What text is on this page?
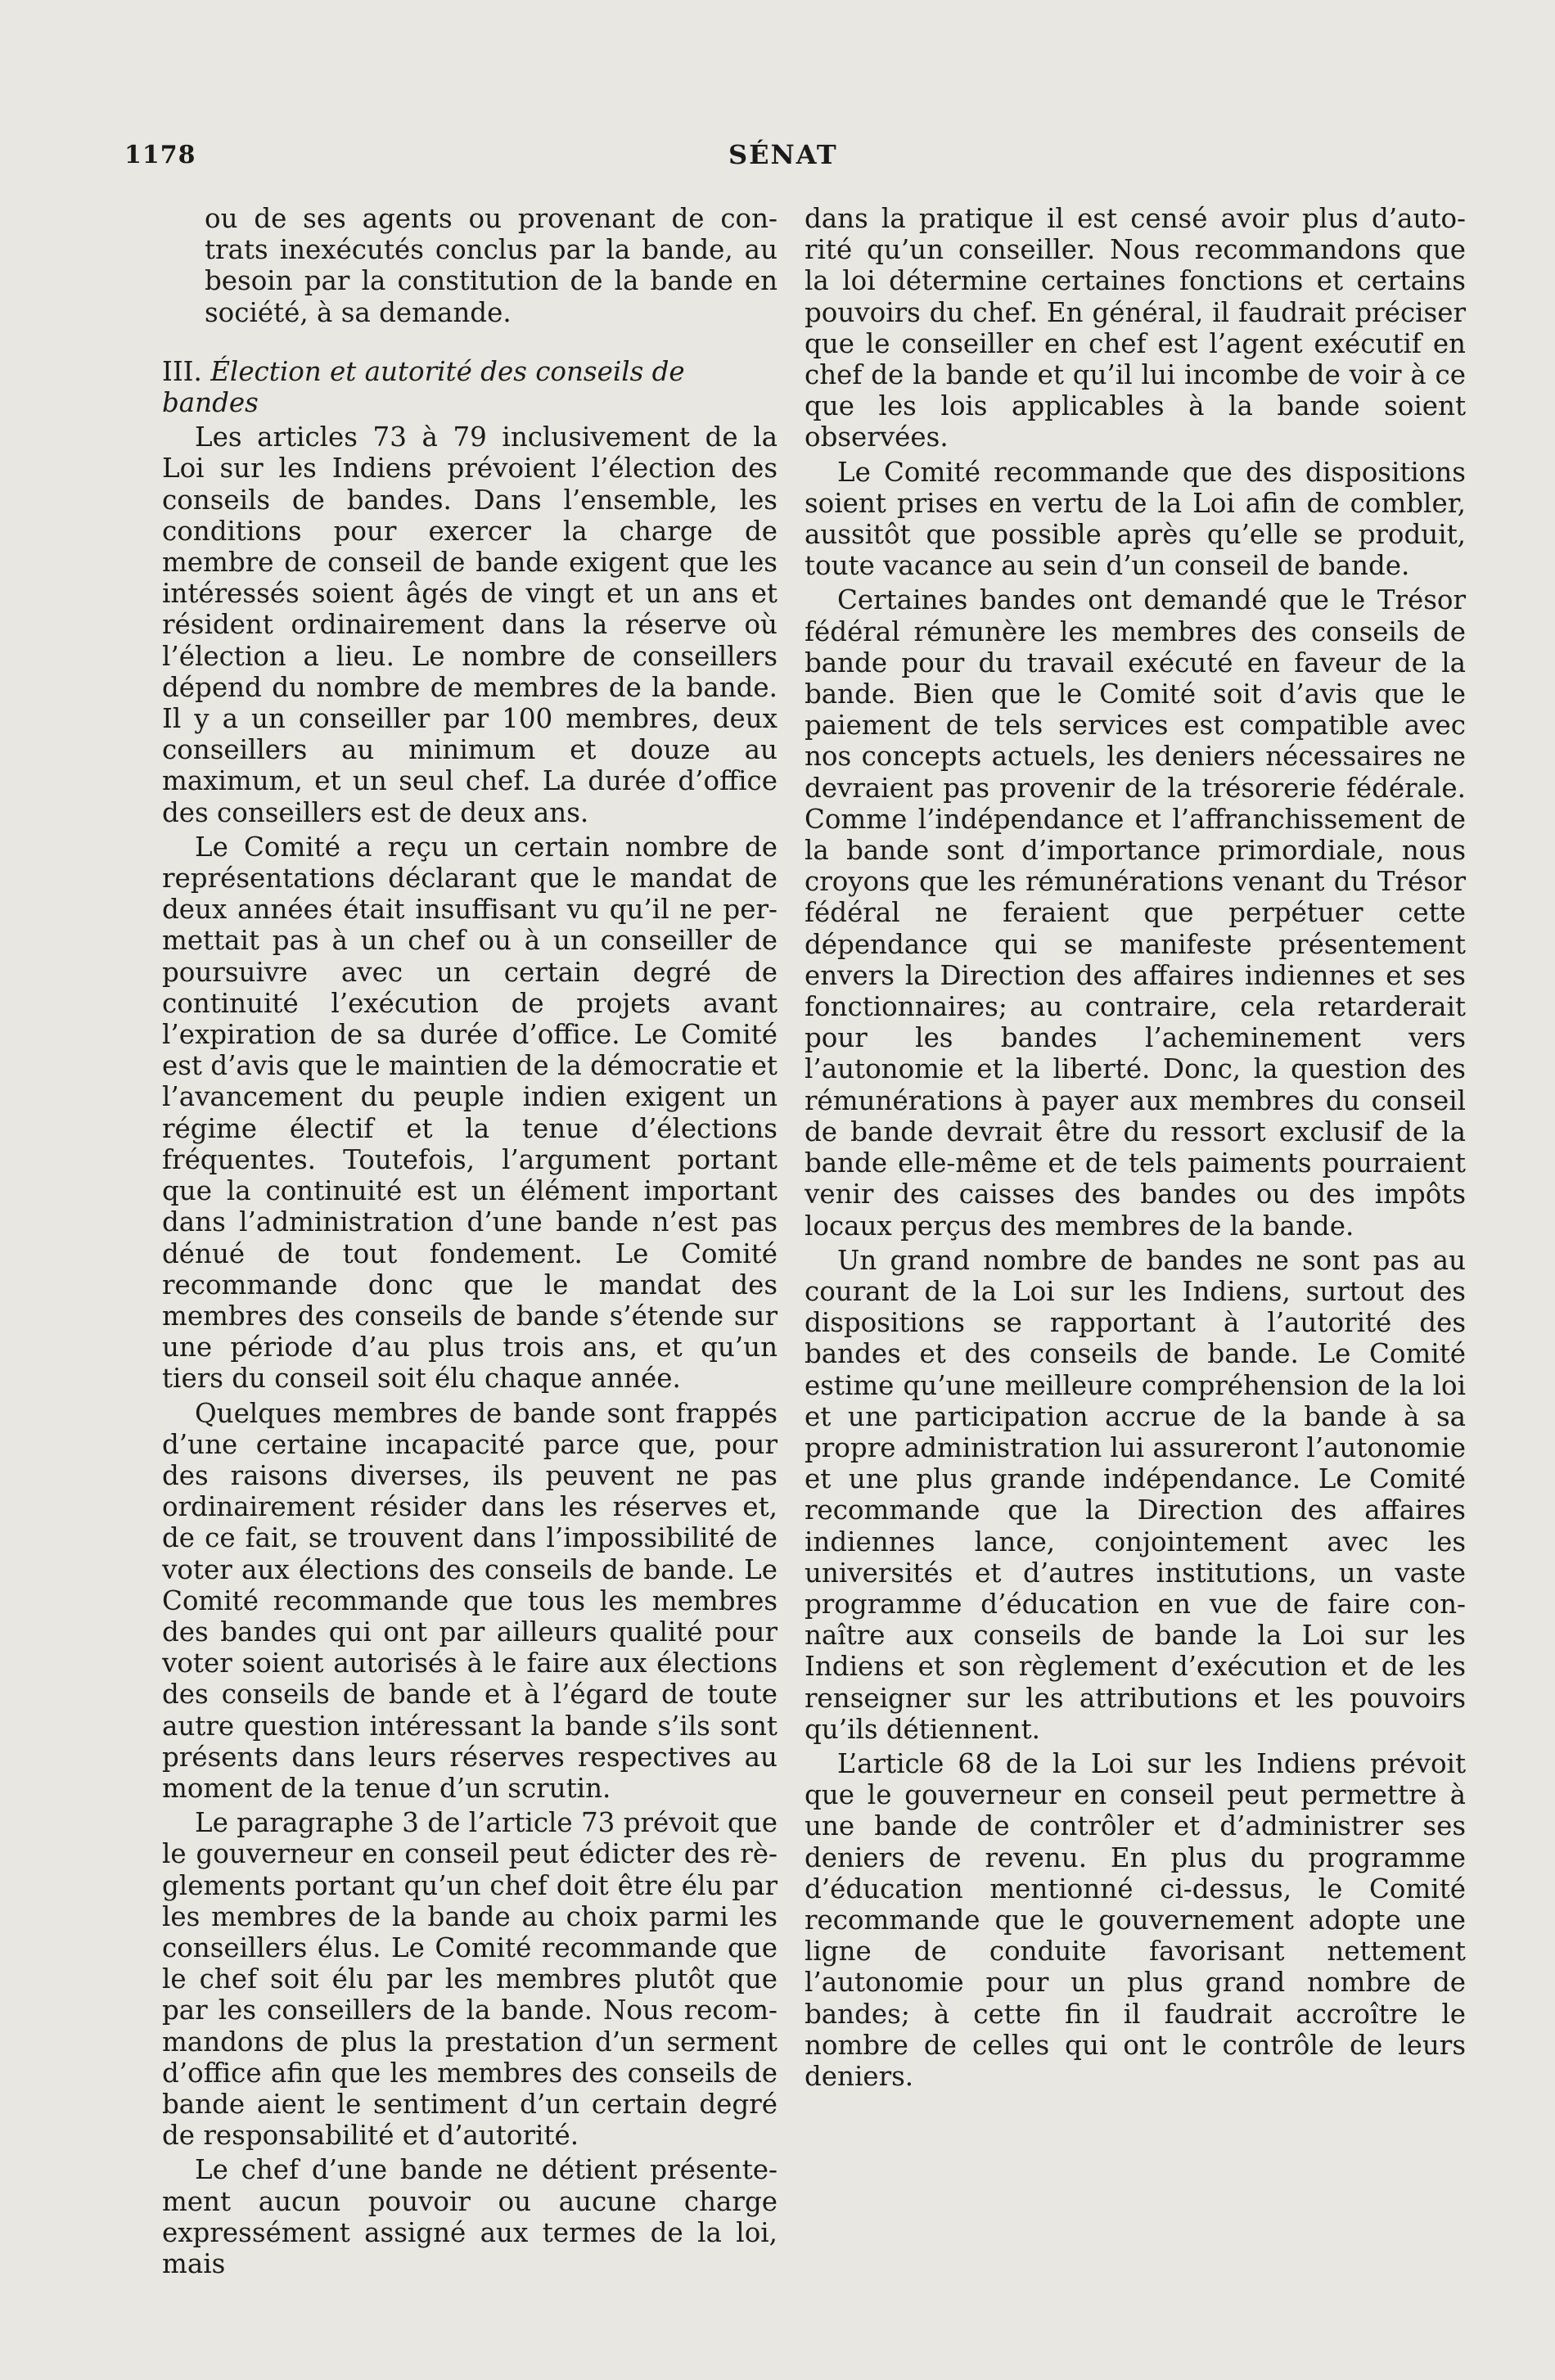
1178	SÉNAT

ou de ses agents ou provenant de contrats inexécutés conclus par la bande, au besoin par la constitution de la bande en société, à sa demande.

III. Élection et autorité des conseils de bandes

Les articles 73 à 79 inclusivement de la Loi sur les Indiens prévoient l’élection des conseils de bandes. Dans l’ensemble, les conditions pour exercer la charge de membre de conseil de bande exigent que les intéressés soient âgés de vingt et un ans et résident ordinairement dans la réserve où l’élection a lieu. Le nombre de conseillers dépend du nombre de membres de la bande. Il y a un conseiller par 100 membres, deux conseillers au minimum et douze au maximum, et un seul chef. La durée d’office des conseillers est de deux ans.

Le Comité a reçu un certain nombre de représentations déclarant que le mandat de deux années était insuffisant vu qu’il ne permettait pas à un chef ou à un conseiller de poursuivre avec un certain degré de continuité l’exécution de projets avant l’expiration de sa durée d’office. Le Comité est d’avis que le maintien de la démocratie et l’avancement du peuple indien exigent un régime électif et la tenue d’élections fréquentes. Toutefois, l’argument portant que la continuité est un élément important dans l’administration d’une bande n’est pas dénué de tout fondement. Le Comité recommande donc que le mandat des membres des conseils de bande s’étende sur une période d’au plus trois ans, et qu’un tiers du conseil soit élu chaque année.

Quelques membres de bande sont frappés d’une certaine incapacité parce que, pour des raisons diverses, ils peuvent ne pas ordinairement résider dans les réserves et, de ce fait, se trouvent dans l’impossibilité de voter aux élections des conseils de bande. Le Comité recommande que tous les membres des bandes qui ont par ailleurs qualité pour voter soient autorisés à le faire aux élections des conseils de bande et à l’égard de toute autre question intéressant la bande s’ils sont présents dans leurs réserves respectives au moment de la tenue d’un scrutin.

Le paragraphe 3 de l’article 73 prévoit que le gouverneur en conseil peut édicter des règlements portant qu’un chef doit être élu par les membres de la bande au choix parmi les conseillers élus. Le Comité recommande que le chef soit élu par les membres plutôt que par les conseillers de la bande. Nous recommandons de plus la prestation d’un serment d’office afin que les membres des conseils de bande aient le sentiment d’un certain degré de responsabilité et d’autorité.

Le chef d’une bande ne détient présentement aucun pouvoir ou aucune charge expressément assigné aux termes de la loi, mais

dans la pratique il est censé avoir plus d’autorité qu’un conseiller. Nous recommandons que la loi détermine certaines fonctions et certains pouvoirs du chef. En général, il faudrait préciser que le conseiller en chef est l’agent exécutif en chef de la bande et qu’il lui incombe de voir à ce que les lois applicables à la bande soient observées.

Le Comité recommande que des dispositions soient prises en vertu de la Loi afin de combler, aussitôt que possible après qu’elle se produit, toute vacance au sein d’un conseil de bande.

Certaines bandes ont demandé que le Trésor fédéral rémunère les membres des conseils de bande pour du travail exécuté en faveur de la bande. Bien que le Comité soit d’avis que le paiement de tels services est compatible avec nos concepts actuels, les deniers nécessaires ne devraient pas provenir de la trésorerie fédérale. Comme l’indépendance et l’affranchissement de la bande sont d’importance primordiale, nous croyons que les rémunérations venant du Trésor fédéral ne feraient que perpétuer cette dépendance qui se manifeste présentement envers la Direction des affaires indiennes et ses fonctionnaires; au contraire, cela retarderait pour les bandes l’acheminement vers l’autonomie et la liberté. Donc, la question des rémunérations à payer aux membres du conseil de bande devrait être du ressort exclusif de la bande elle-même et de tels paiments pourraient venir des caisses des bandes ou des impôts locaux perçus des membres de la bande.

Un grand nombre de bandes ne sont pas au courant de la Loi sur les Indiens, surtout des dispositions se rapportant à l’autorité des bandes et des conseils de bande. Le Comité estime qu’une meilleure compréhension de la loi et une participation accrue de la bande à sa propre administration lui assureront l’autonomie et une plus grande indépendance. Le Comité recommande que la Direction des affaires indiennes lance, conjointement avec les universités et d’autres institutions, un vaste programme d’éducation en vue de faire connaître aux conseils de bande la Loi sur les Indiens et son règlement d’exécution et de les renseigner sur les attributions et les pouvoirs qu’ils détiennent.

L’article 68 de la Loi sur les Indiens prévoit que le gouverneur en conseil peut permettre à une bande de contrôler et d’administrer ses deniers de revenu. En plus du programme d’éducation mentionné ci-dessus, le Comité recommande que le gouvernement adopte une ligne de conduite favorisant nettement l’autonomie pour un plus grand nombre de bandes; à cette fin il faudrait accroître le nombre de celles qui ont le contrôle de leurs deniers.
